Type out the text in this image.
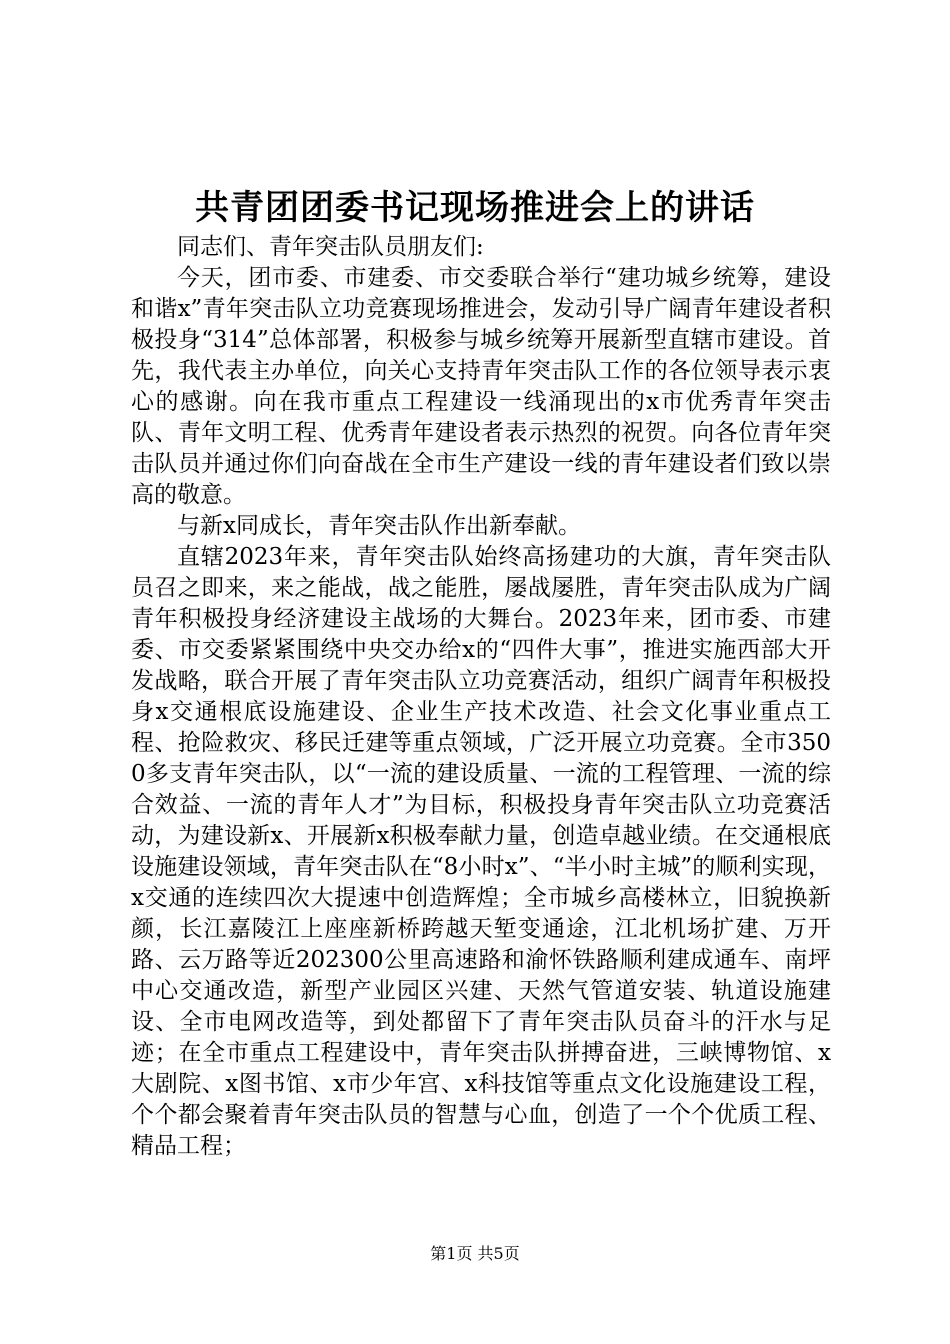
共青团团委书记现场推进会上的讲话

同志们、青年突击队员朋友们:

今天，团市委、市建委、市交委联合举行“建功城乡统筹，建设和谐x”青年突击队立功竞赛现场推进会，发动引导广阔青年建设者积极投身“314”总体部署，积极参与城乡统筹开展新型直辖市建设。首先，我代表主办单位，向关心支持青年突击队工作的各位领导表示衷心的感谢。向在我市重点工程建设一线涌现出的x市优秀青年突击队、青年文明工程、优秀青年建设者表示热烈的祝贺。向各位青年突击队员并通过你们向奋战在全市生产建设一线的青年建设者们致以崇高的敬意。

与新x同成长，青年突击队作出新奉献。

直辖2023年来，青年突击队始终高扬建功的大旗，青年突击队员召之即来，来之能战，战之能胜，屡战屡胜，青年突击队成为广阔青年积极投身经济建设主战场的大舞台。2023年来，团市委、市建委、市交委紧紧围绕中央交办给x的“四件大事”，推进实施西部大开发战略，联合开展了青年突击队立功竞赛活动，组织广阔青年积极投身x交通根底设施建设、企业生产技术改造、社会文化事业重点工程、抢险救灾、移民迁建等重点领域，广泛开展立功竞赛。全市3500多支青年突击队，以“一流的建设质量、一流的工程管理、一流的综合效益、一流的青年人才”为目标，积极投身青年突击队立功竞赛活动，为建设新x、开展新x积极奉献力量，创造卓越业绩。在交通根底设施建设领域，青年突击队在“8小时x”、“半小时主城”的顺利实现，x交通的连续四次大提速中创造辉煌；全市城乡高楼林立，旧貌换新颜，长江嘉陵江上座座新桥跨越天堑变通途，江北机场扩建、万开路、云万路等近202300公里高速路和渝怀铁路顺利建成通车、南坪中心交通改造，新型产业园区兴建、天然气管道安装、轨道设施建设、全市电网改造等，到处都留下了青年突击队员奋斗的汗水与足迹；在全市重点工程建设中，青年突击队拼搏奋进，三峡博物馆、x大剧院、x图书馆、x市少年宫、x科技馆等重点文化设施建设工程，个个都会聚着青年突击队员的智慧与心血，创造了一个个优质工程、精品工程；

第1页 共5页
